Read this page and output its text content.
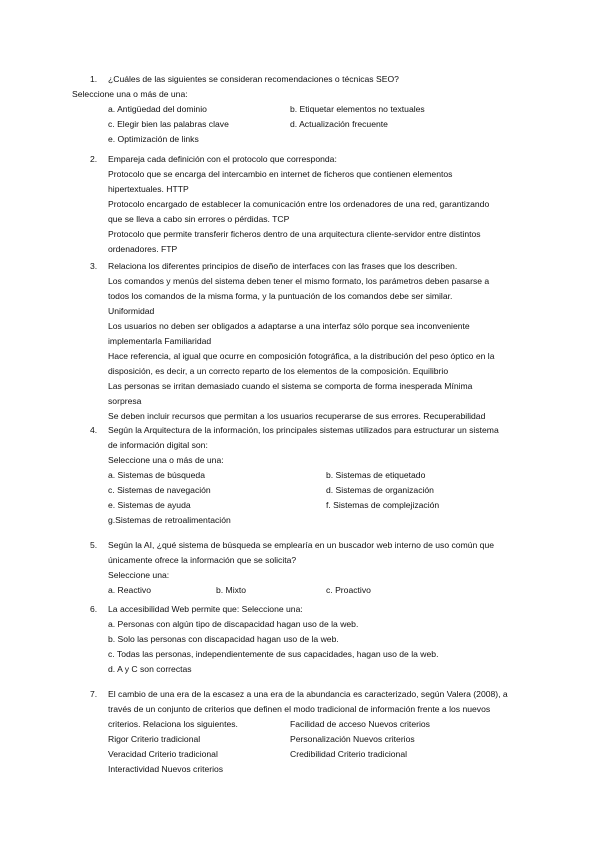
1. ¿Cuáles de las siguientes se consideran recomendaciones o técnicas SEO?
Seleccione una o más de una:
a. Antigüedad del dominio	b. Etiquetar elementos no textuales
c. Elegir bien las palabras clave	d. Actualización frecuente
e. Optimización de links
2. Empareja cada definición con el protocolo que corresponda:
Protocolo que se encarga del intercambio en internet de ficheros que contienen elementos
hipertextuales. HTTP
Protocolo encargado de establecer la comunicación entre los ordenadores de una red, garantizando
que se lleva a cabo sin errores o pérdidas. TCP
Protocolo que permite transferir ficheros dentro de una arquitectura cliente-servidor entre distintos
ordenadores. FTP
3. Relaciona los diferentes principios de diseño de interfaces con las frases que los describen.
Los comandos y menús del sistema deben tener el mismo formato, los parámetros deben pasarse a
todos los comandos de la misma forma, y la puntuación de los comandos debe ser similar.
Uniformidad
Los usuarios no deben ser obligados a adaptarse a una interfaz sólo porque sea inconveniente
implementarla Familiaridad
Hace referencia, al igual que ocurre en composición fotográfica, a la distribución del peso óptico en la
disposición, es decir, a un correcto reparto de los elementos de la composición. Equilibrio
Las personas se irritan demasiado cuando el sistema se comporta de forma inesperada Mínima
sorpresa
Se deben incluir recursos que permitan a los usuarios recuperarse de sus errores. Recuperabilidad
4. Según la Arquitectura de la información, los principales sistemas utilizados para estructurar un sistema
de información digital son:
Seleccione una o más de una:
a. Sistemas de búsqueda	b. Sistemas de etiquetado
c. Sistemas de navegación	d. Sistemas de organización
e. Sistemas de ayuda	f. Sistemas de complejización
g.Sistemas de retroalimentación
5. Según la AI, ¿qué sistema de búsqueda se emplearía en un buscador web interno de uso común que
únicamente ofrece la información que se solicita?
Seleccione una:
a. Reactivo	b. Mixto	c. Proactivo
6. La accesibilidad Web permite que: Seleccione una:
a. Personas con algún tipo de discapacidad hagan uso de la web.
b. Solo las personas con discapacidad hagan uso de la web.
c. Todas las personas, independientemente de sus capacidades, hagan uso de la web.
d. A y C son correctas
7. El cambio de una era de la escasez a una era de la abundancia es caracterizado, según Valera (2008), a
través de un conjunto de criterios que definen el modo tradicional de información frente a los nuevos
criterios. Relaciona los siguientes.	Facilidad de acceso Nuevos criterios
Rigor Criterio tradicional	Personalización Nuevos criterios
Veracidad Criterio tradicional	Credibilidad Criterio tradicional
Interactividad Nuevos criterios
